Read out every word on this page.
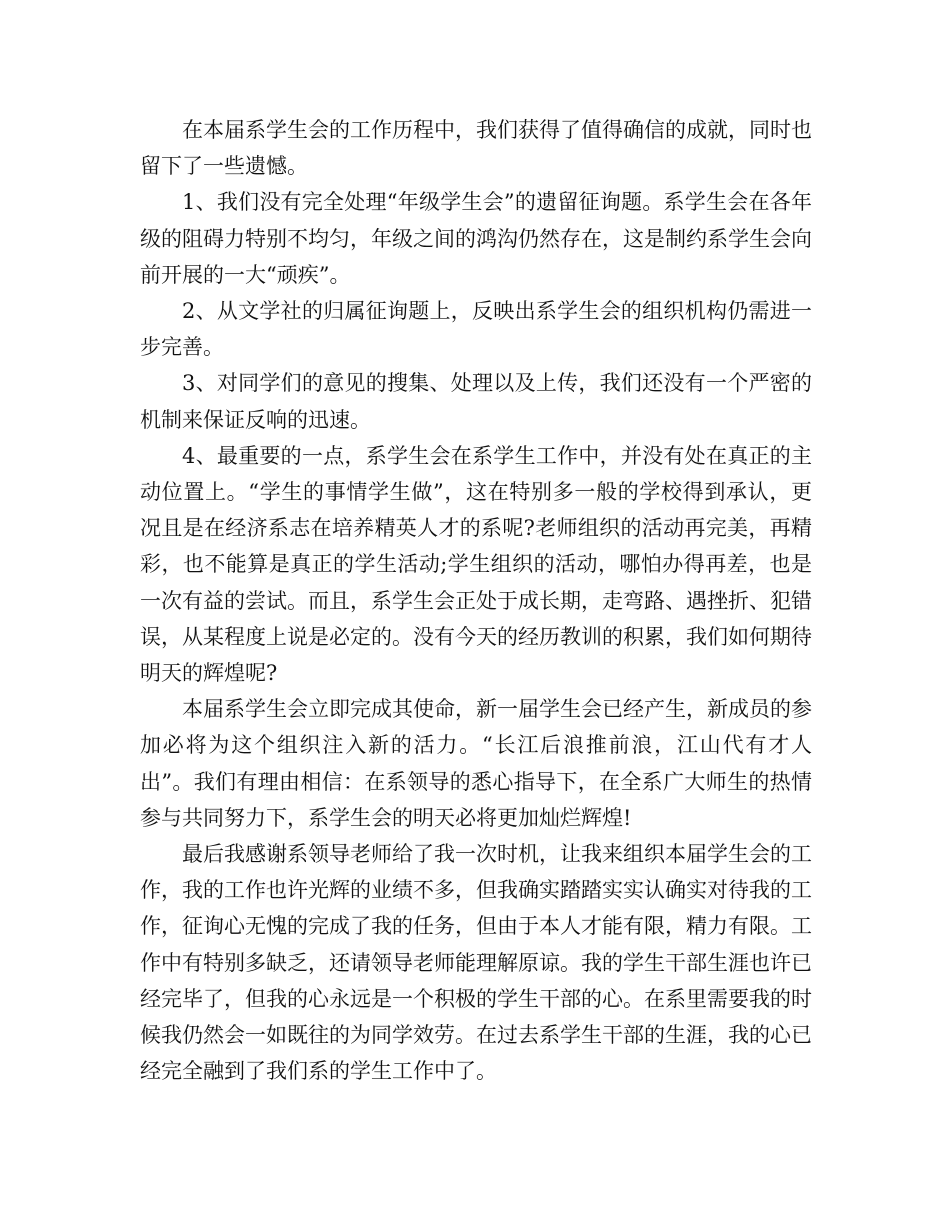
在本届系学生会的工作历程中，我们获得了值得确信的成就，同时也留下了一些遗憾。

1、我们没有完全处理“年级学生会”的遗留征询题。系学生会在各年级的阻碍力特别不均匀，年级之间的鸿沟仍然存在，这是制约系学生会向前开展的一大“顽疾”。

2、从文学社的归属征询题上，反映出系学生会的组织机构仍需进一步完善。

3、对同学们的意见的搜集、处理以及上传，我们还没有一个严密的机制来保证反响的迅速。

4、最重要的一点，系学生会在系学生工作中，并没有处在真正的主动位置上。“学生的事情学生做”，这在特别多一般的学校得到承认，更况且是在经济系志在培养精英人才的系呢?老师组织的活动再完美，再精彩，也不能算是真正的学生活动;学生组织的活动，哪怕办得再差，也是一次有益的尝试。而且，系学生会正处于成长期，走弯路、遇挫折、犯错误，从某程度上说是必定的。没有今天的经历教训的积累，我们如何期待明天的辉煌呢?

本届系学生会立即完成其使命，新一届学生会已经产生，新成员的参加必将为这个组织注入新的活力。“长江后浪推前浪，江山代有才人出”。我们有理由相信：在系领导的悉心指导下，在全系广大师生的热情参与共同努力下，系学生会的明天必将更加灿烂辉煌!

最后我感谢系领导老师给了我一次时机，让我来组织本届学生会的工作，我的工作也许光辉的业绩不多，但我确实踏踏实实认确实对待我的工作，征询心无愧的完成了我的任务，但由于本人才能有限，精力有限。工作中有特别多缺乏，还请领导老师能理解原谅。我的学生干部生涯也许已经完毕了，但我的心永远是一个积极的学生干部的心。在系里需要我的时候我仍然会一如既往的为同学效劳。在过去系学生干部的生涯，我的心已经完全融到了我们系的学生工作中了。
